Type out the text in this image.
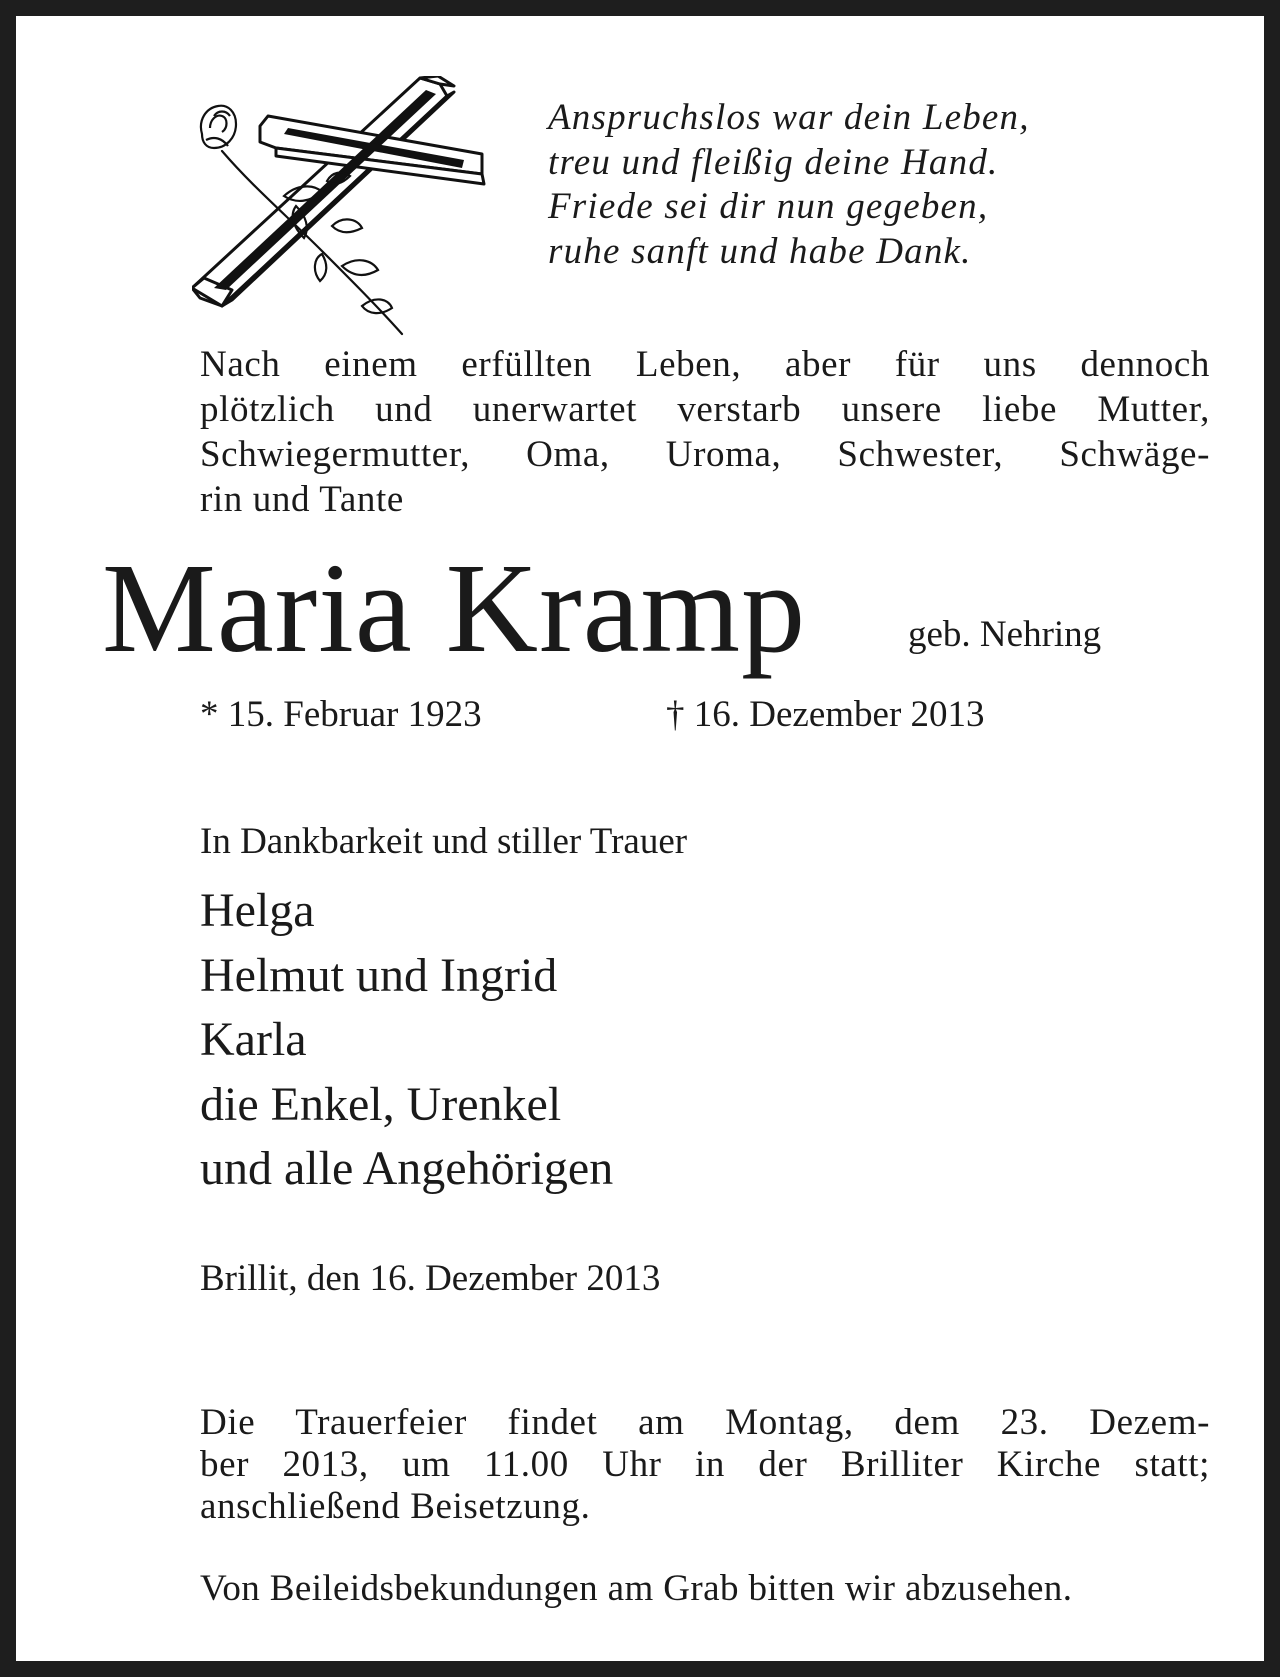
Anspruchslos war dein Leben,
treu und fleißig deine Hand.
Friede sei dir nun gegeben,
ruhe sanft und habe Dank.
Nach einem erfüllten Leben, aber für uns dennoch
plötzlich und unerwartet verstarb unsere liebe Mutter,
Schwiegermutter, Oma, Uroma, Schwester, Schwäge-
rin und Tante
Maria Kramp	geb. Nehring
* 15. Februar 1923	† 16. Dezember 2013
In Dankbarkeit und stiller Trauer
Helga
Helmut und Ingrid
Karla
die Enkel, Urenkel
und alle Angehörigen
Brillit, den 16. Dezember 2013
Die Trauerfeier findet am Montag, dem 23. Dezem-
ber 2013, um 11.00 Uhr in der Brilliter Kirche statt;
anschließend Beisetzung.
Von Beileidsbekundungen am Grab bitten wir abzusehen.
